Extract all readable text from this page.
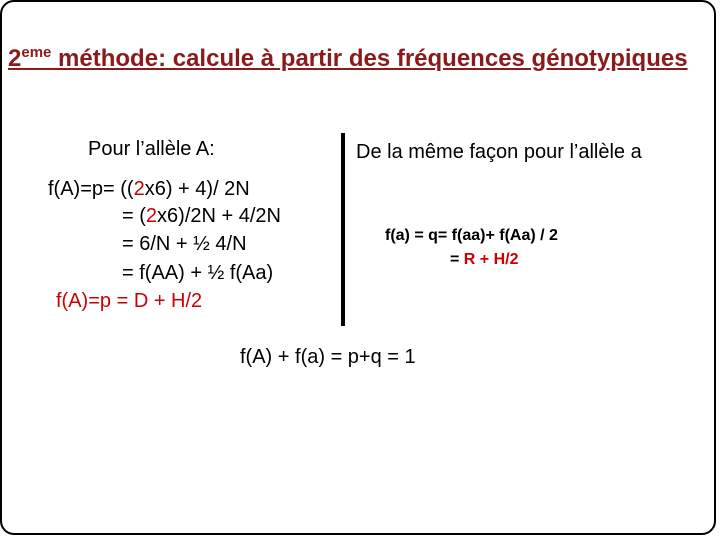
2eme méthode: calcule à partir des fréquences génotypiques
Pour l’allèle A:
f(A)=p= ((2x6) + 4)/ 2N
= (2x6)/2N + 4/2N
= 6/N + ½ 4/N
= f(AA) + ½ f(Aa)
f(A)=p = D + H/2
De la même façon pour l’allèle a
f(a) = q= f(aa)+ f(Aa) / 2
= R + H/2
f(A) + f(a) = p+q = 1
